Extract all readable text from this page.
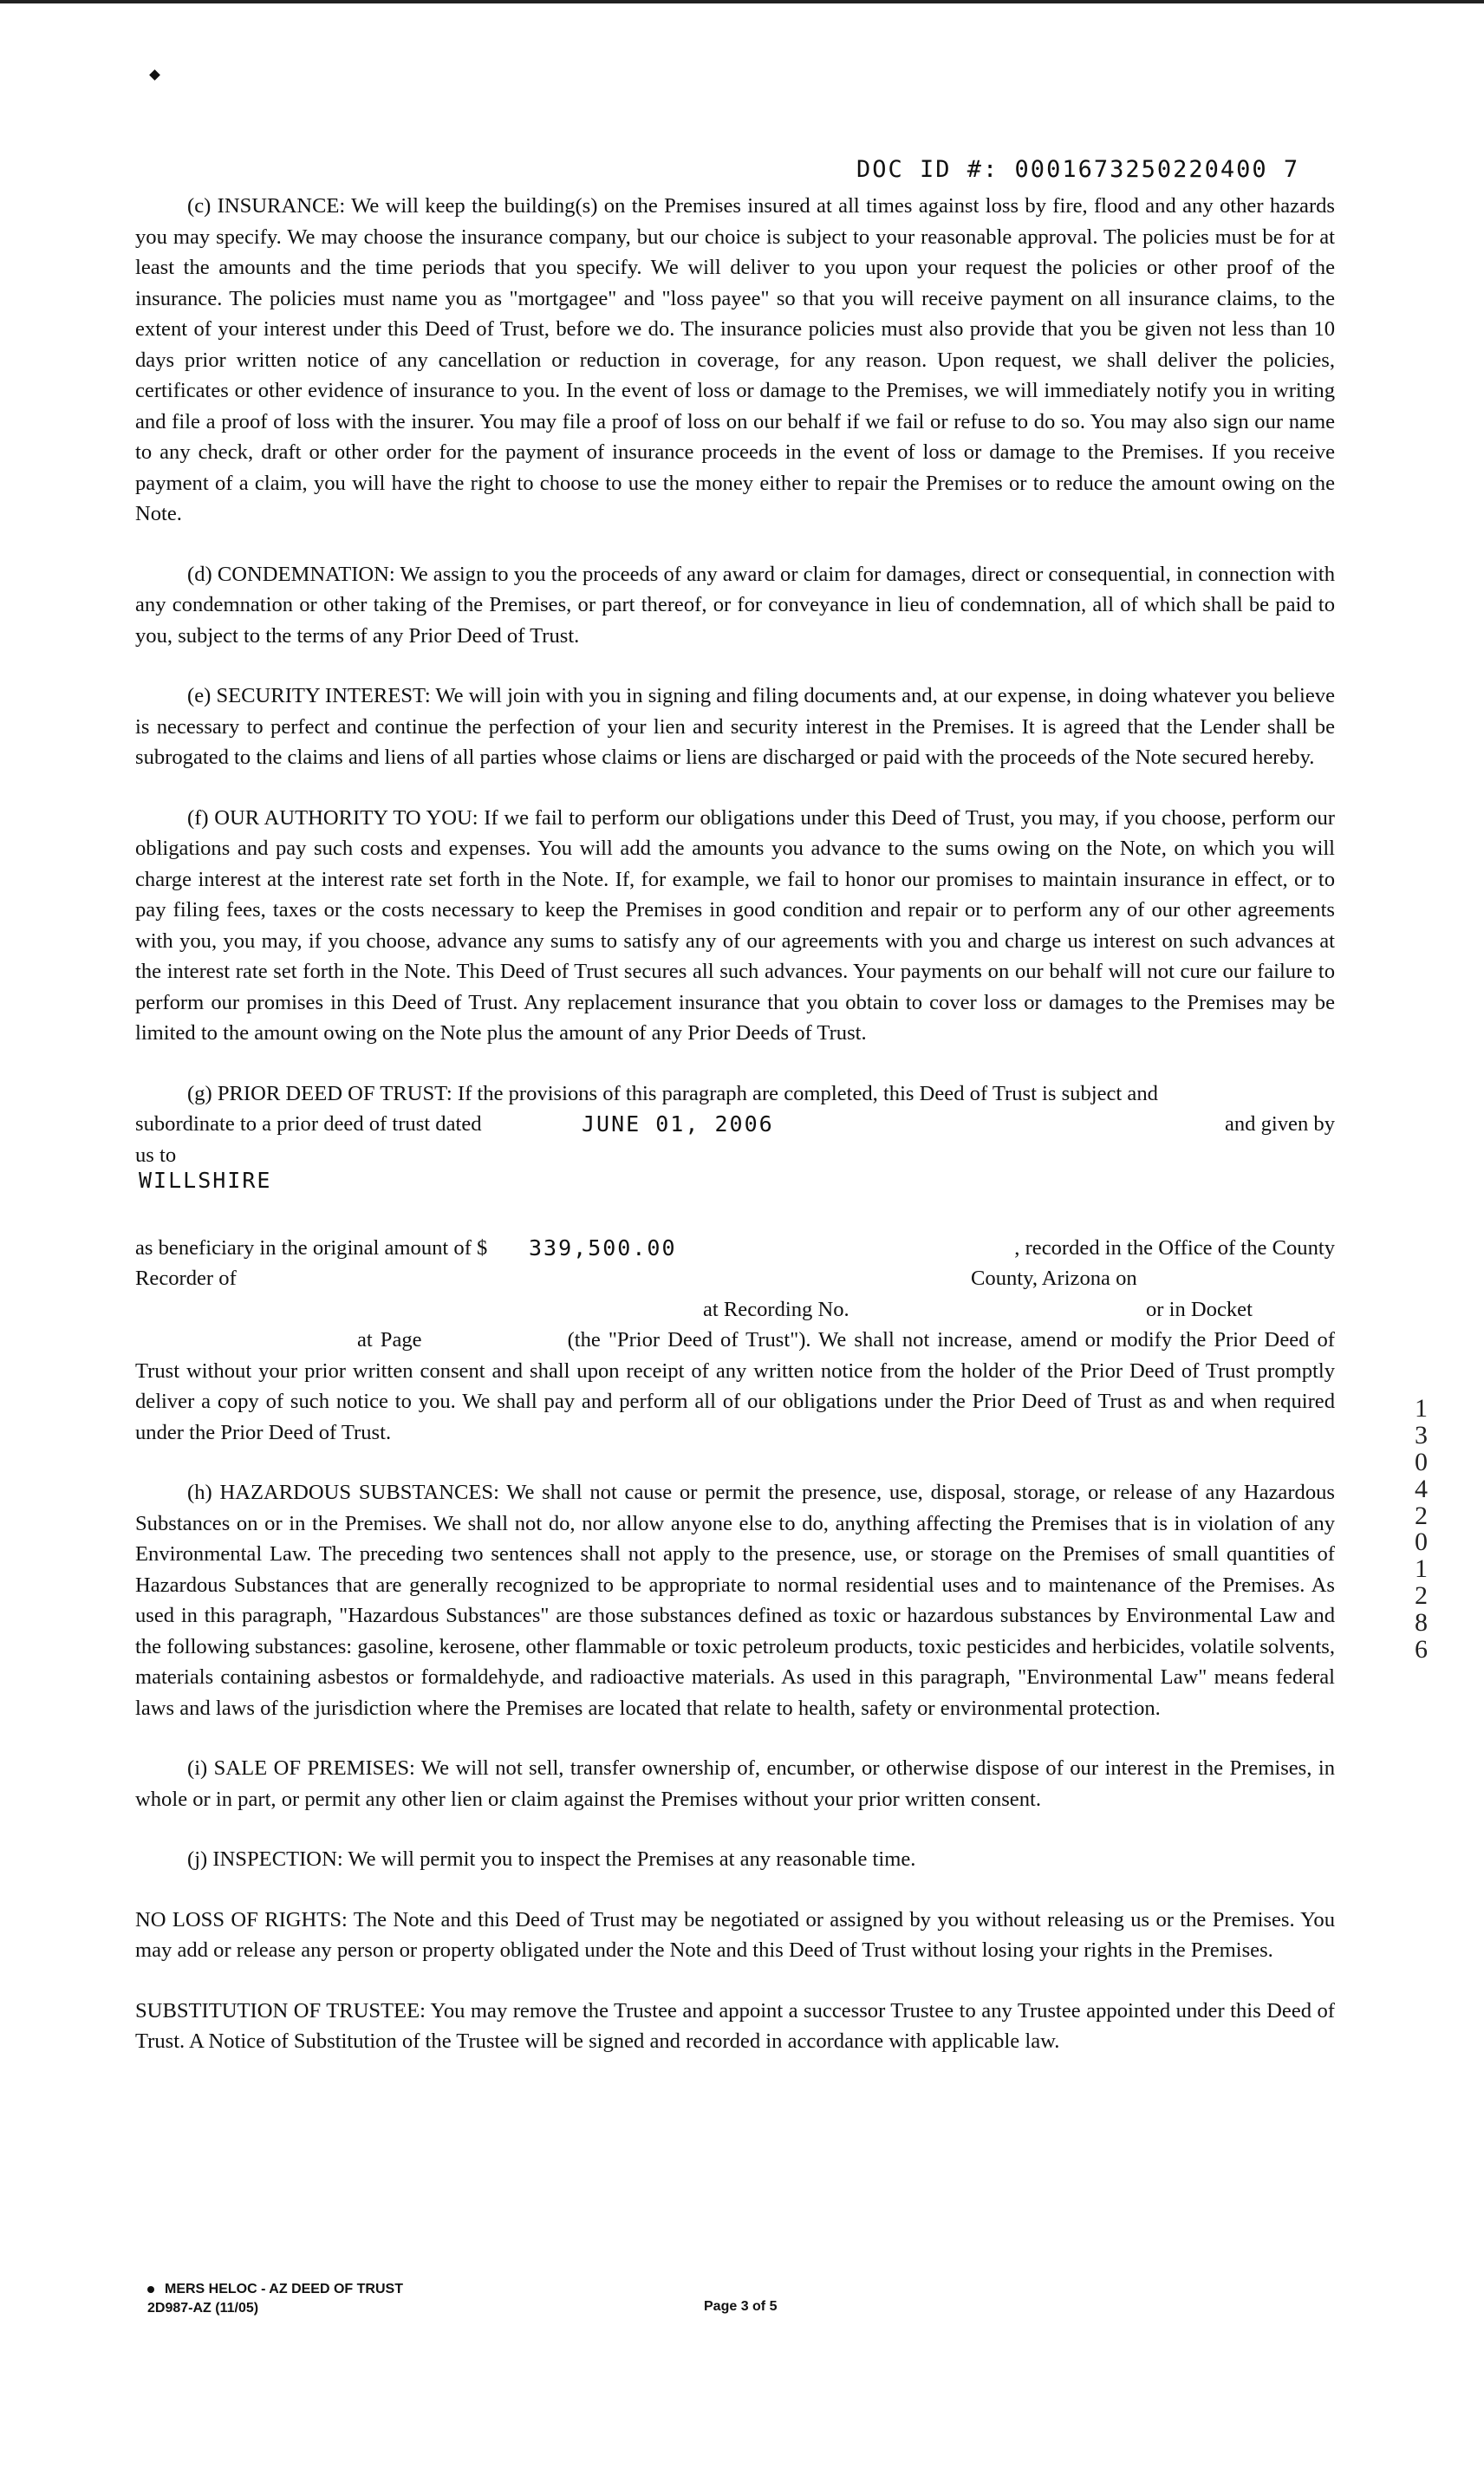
DOC ID #: 0001673250220400 7

(c) INSURANCE: We will keep the building(s) on the Premises insured at all times against loss by fire, flood and any other hazards you may specify. We may choose the insurance company, but our choice is subject to your reasonable approval. The policies must be for at least the amounts and the time periods that you specify. We will deliver to you upon your request the policies or other proof of the insurance. The policies must name you as "mortgagee" and "loss payee" so that you will receive payment on all insurance claims, to the extent of your interest under this Deed of Trust, before we do. The insurance policies must also provide that you be given not less than 10 days prior written notice of any cancellation or reduction in coverage, for any reason. Upon request, we shall deliver the policies, certificates or other evidence of insurance to you. In the event of loss or damage to the Premises, we will immediately notify you in writing and file a proof of loss with the insurer. You may file a proof of loss on our behalf if we fail or refuse to do so. You may also sign our name to any check, draft or other order for the payment of insurance proceeds in the event of loss or damage to the Premises. If you receive payment of a claim, you will have the right to choose to use the money either to repair the Premises or to reduce the amount owing on the Note.

(d) CONDEMNATION: We assign to you the proceeds of any award or claim for damages, direct or consequential, in connection with any condemnation or other taking of the Premises, or part thereof, or for conveyance in lieu of condemnation, all of which shall be paid to you, subject to the terms of any Prior Deed of Trust.

(e) SECURITY INTEREST: We will join with you in signing and filing documents and, at our expense, in doing whatever you believe is necessary to perfect and continue the perfection of your lien and security interest in the Premises. It is agreed that the Lender shall be subrogated to the claims and liens of all parties whose claims or liens are discharged or paid with the proceeds of the Note secured hereby.

(f) OUR AUTHORITY TO YOU: If we fail to perform our obligations under this Deed of Trust, you may, if you choose, perform our obligations and pay such costs and expenses. You will add the amounts you advance to the sums owing on the Note, on which you will charge interest at the interest rate set forth in the Note. If, for example, we fail to honor our promises to maintain insurance in effect, or to pay filing fees, taxes or the costs necessary to keep the Premises in good condition and repair or to perform any of our other agreements with you, you may, if you choose, advance any sums to satisfy any of our agreements with you and charge us interest on such advances at the interest rate set forth in the Note. This Deed of Trust secures all such advances. Your payments on our behalf will not cure our failure to perform our promises in this Deed of Trust. Any replacement insurance that you obtain to cover loss or damages to the Premises may be limited to the amount owing on the Note plus the amount of any Prior Deeds of Trust.

(g) PRIOR DEED OF TRUST: If the provisions of this paragraph are completed, this Deed of Trust is subject and
subordinate to a prior deed of trust dated	JUNE 01, 2006	and given by
us to
WILLSHIRE
as beneficiary in the original amount of $ 339,500.00	, recorded in the Office of the County
Recorder of	County, Arizona on
at Recording No.	or in Docket

at Page	(the "Prior Deed of Trust"). We shall not increase, amend or modify the Prior Deed of Trust without your prior written consent and shall upon receipt of any written notice from the holder of the Prior Deed of Trust promptly deliver a copy of such notice to you. We shall pay and perform all of our obligations under the Prior Deed of Trust as and when required under the Prior Deed of Trust.

(h) HAZARDOUS SUBSTANCES: We shall not cause or permit the presence, use, disposal, storage, or release of any Hazardous Substances on or in the Premises. We shall not do, nor allow anyone else to do, anything affecting the Premises that is in violation of any Environmental Law. The preceding two sentences shall not apply to the presence, use, or storage on the Premises of small quantities of Hazardous Substances that are generally recognized to be appropriate to normal residential uses and to maintenance of the Premises. As used in this paragraph, "Hazardous Substances" are those substances defined as toxic or hazardous substances by Environmental Law and the following substances: gasoline, kerosene, other flammable or toxic petroleum products, toxic pesticides and herbicides, volatile solvents, materials containing asbestos or formaldehyde, and radioactive materials. As used in this paragraph, "Environmental Law" means federal laws and laws of the jurisdiction where the Premises are located that relate to health, safety or environmental protection.

(i) SALE OF PREMISES: We will not sell, transfer ownership of, encumber, or otherwise dispose of our interest in the Premises, in whole or in part, or permit any other lien or claim against the Premises without your prior written consent.

(j) INSPECTION: We will permit you to inspect the Premises at any reasonable time.

NO LOSS OF RIGHTS: The Note and this Deed of Trust may be negotiated or assigned by you without releasing us or the Premises. You may add or release any person or property obligated under the Note and this Deed of Trust without losing your rights in the Premises.

SUBSTITUTION OF TRUSTEE: You may remove the Trustee and appoint a successor Trustee to any Trustee appointed under this Deed of Trust. A Notice of Substitution of the Trustee will be signed and recorded in accordance with applicable law.

13042
01286
MERS HELOC - AZ DEED OF TRUST
2D987-AZ (11/05)	Page 3 of 5
